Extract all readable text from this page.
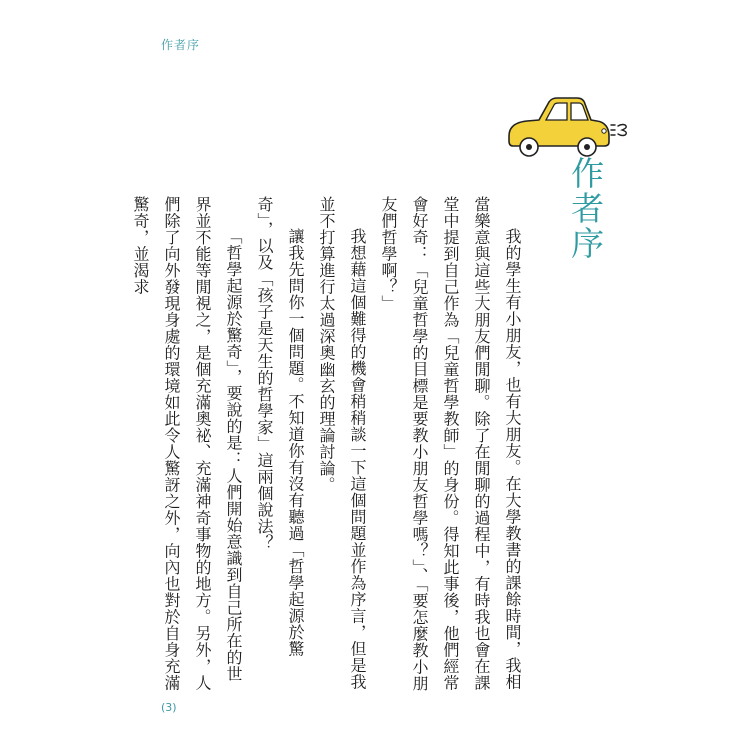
作者序
作者序

我的學生有小朋友，也有大朋友。在大學教書的課餘時間，我相當樂意與這些大朋友們閒聊。除了在閒聊的過程中，有時我也會在課堂中提到自己作為「兒童哲學教師」的身份。得知此事後，他們經常會好奇：「兒童哲學的目標是要教小朋友哲學嗎？」、「要怎麼教小朋友們哲學啊？」

我想藉這個難得的機會稍稍談一下這個問題並作為序言，但是我並不打算進行太過深奧幽玄的理論討論。

讓我先問你一個問題。不知道你有沒有聽過「哲學起源於驚奇」，以及「孩子是天生的哲學家」這兩個說法？

「哲學起源於驚奇」，要說的是：人們開始意識到自己所在的世界並不能等閒視之，是個充滿奧祕、充滿神奇事物的地方。另外，人們除了向外發現身處的環境如此令人驚訝之外，向內也對於自身充滿驚奇，並渴求

(3)
